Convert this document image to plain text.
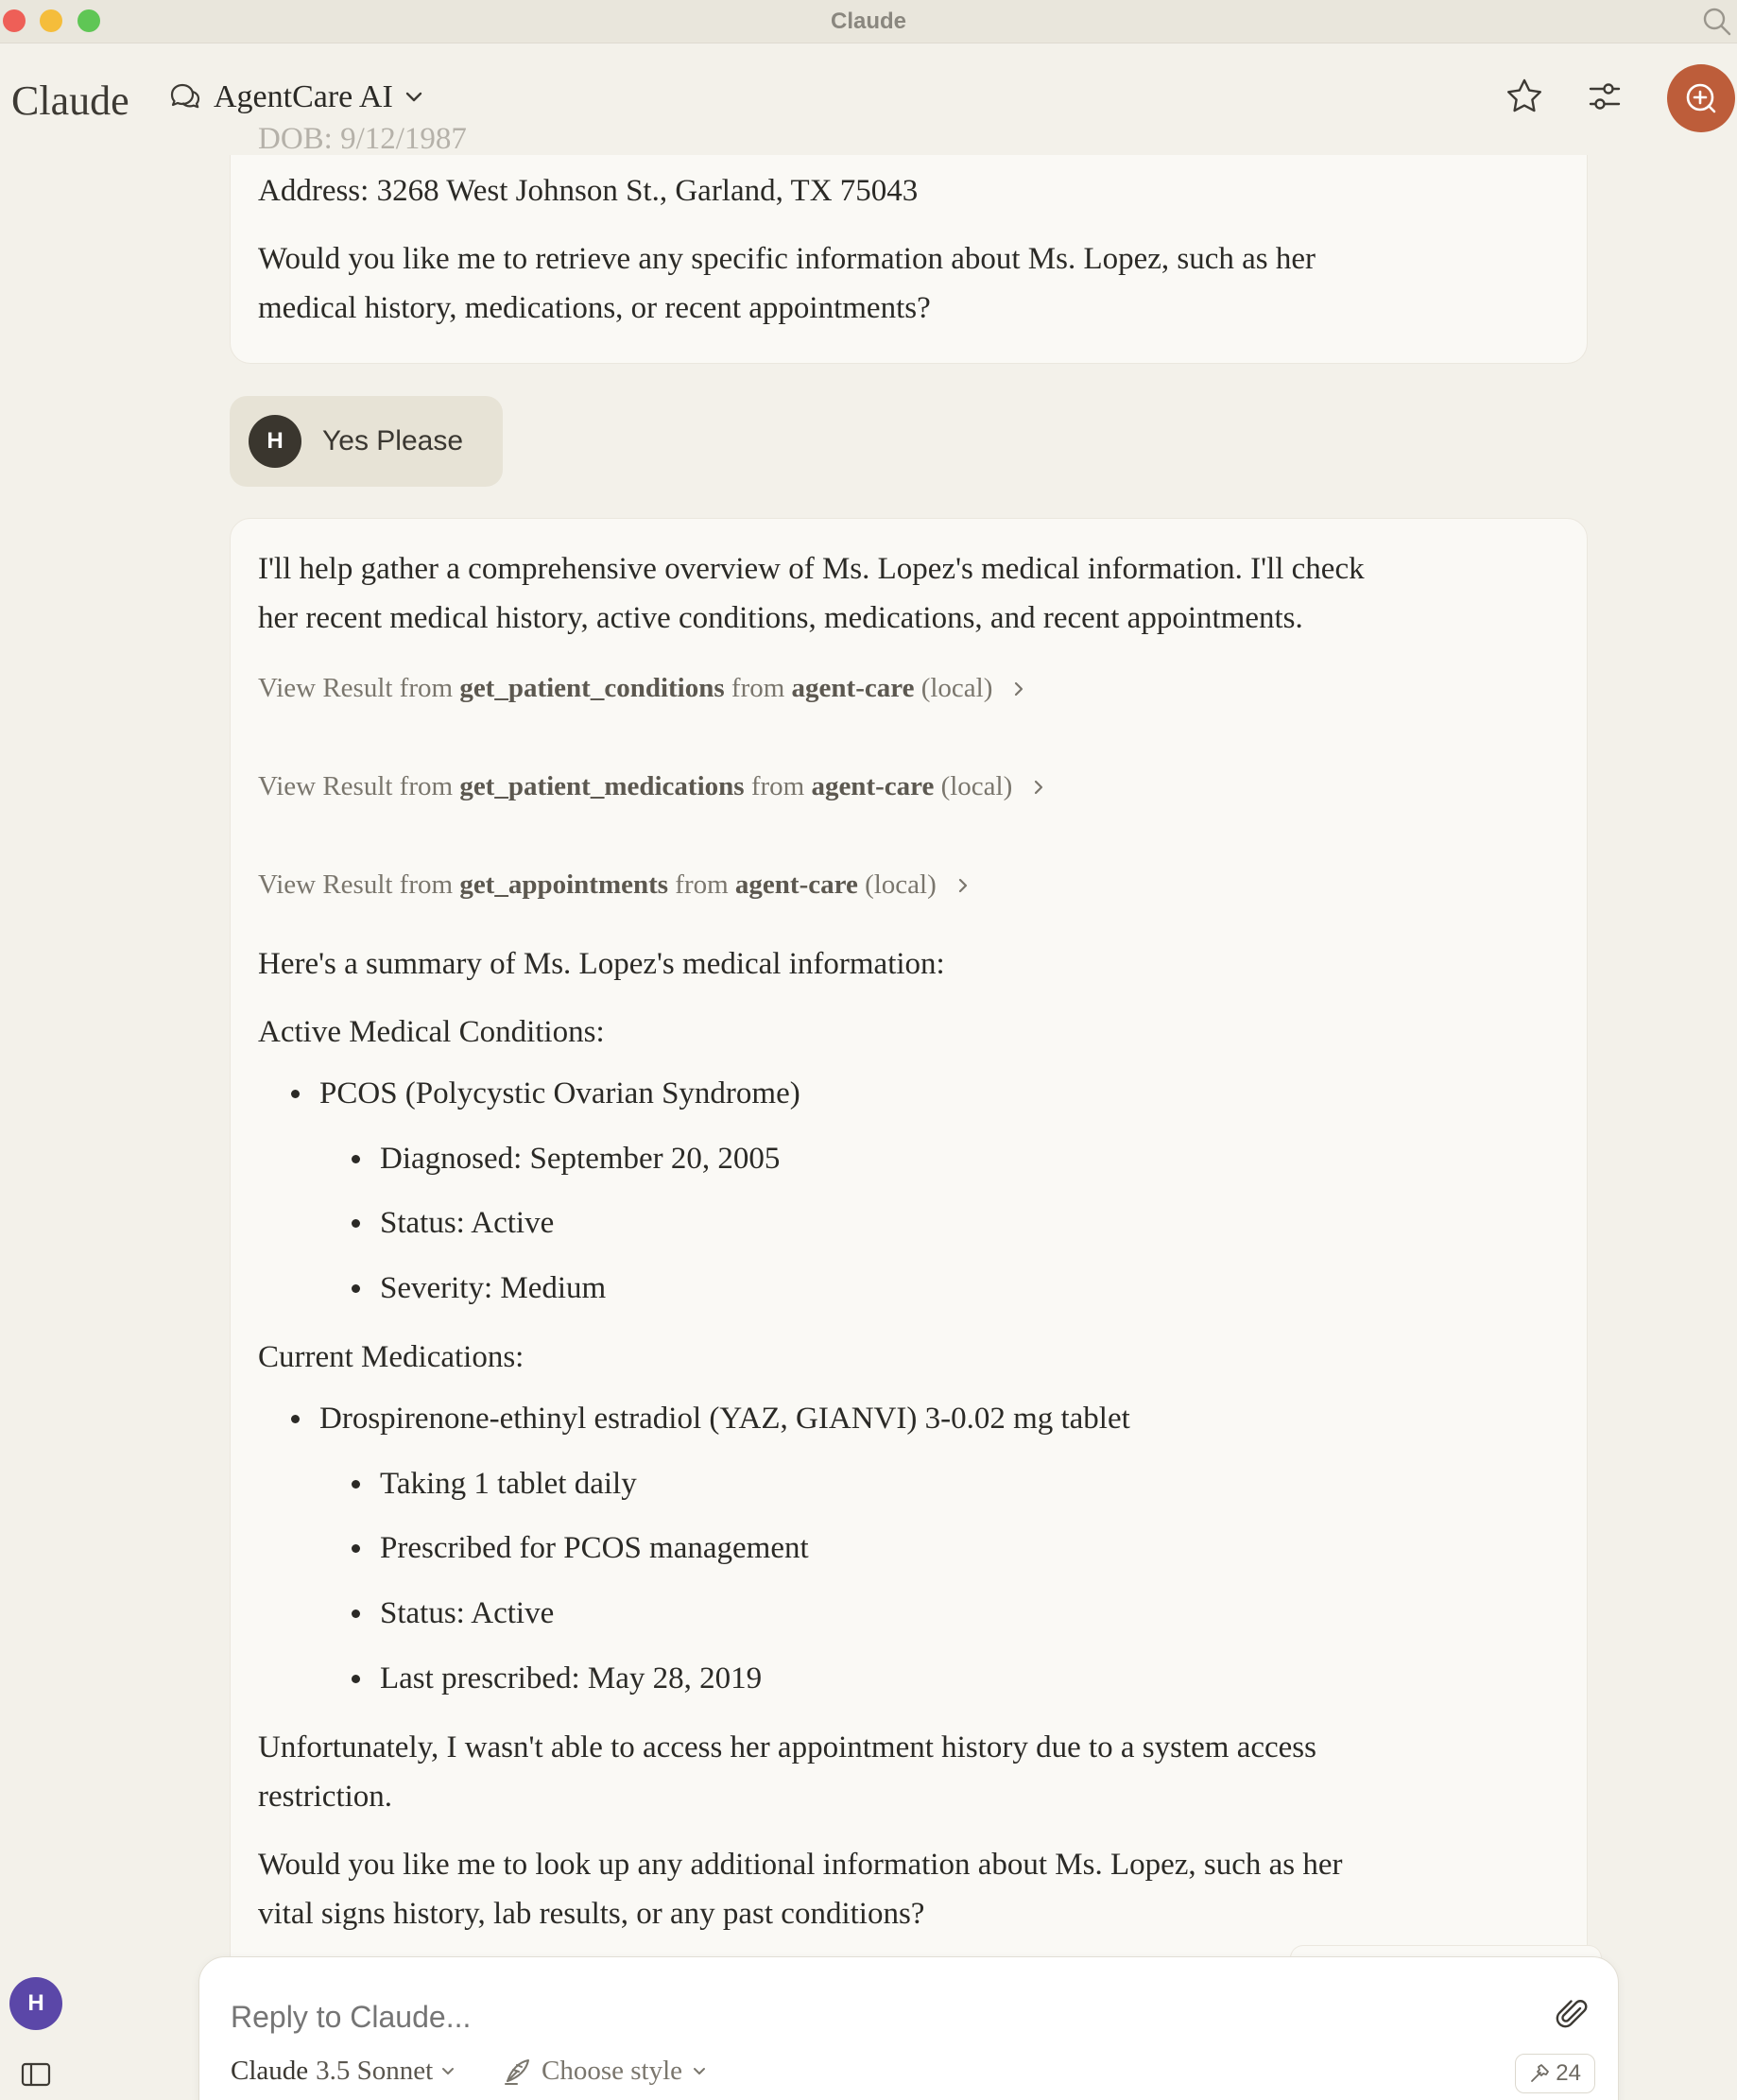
Claude
Address: 3268 West Johnson St., Garland, TX 75043
Would you like me to retrieve any specific information about Ms. Lopez, such as her
medical history, medications, or recent appointments?
Claude	AgentCare AI
DOB: 9/12/1987
H	Yes Please
I'll help gather a comprehensive overview of Ms. Lopez's medical information. I'll check
her recent medical history, active conditions, medications, and recent appointments.
View Result from
get_patient_conditions
from
agent-care
(local)
View Result from
get_patient_medications
from
agent-care
(local)
View Result from
get_appointments
from
agent-care
(local)
Here's a summary of Ms. Lopez's medical information:
Active Medical Conditions:
PCOS (Polycystic Ovarian Syndrome)
Diagnosed: September 20, 2005
Status: Active
Severity: Medium
Current Medications:
Drospirenone-ethinyl estradiol (YAZ, GIANVI) 3-0.02 mg tablet
Taking 1 tablet daily
Prescribed for PCOS management
Status: Active
Last prescribed: May 28, 2019
Unfortunately, I wasn't able to access her appointment history due to a system access
restriction.
Would you like me to look up any additional information about Ms. Lopez, such as her
vital signs history, lab results, or any past conditions?
Reply to Claude...
Claude 3.5 Sonnet	Choose style	24
H
